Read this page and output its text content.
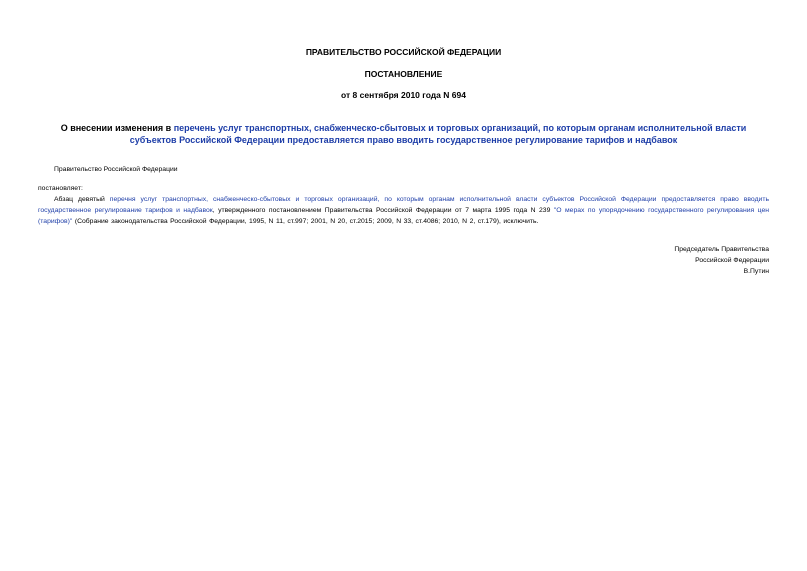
ПРАВИТЕЛЬСТВО РОССИЙСКОЙ ФЕДЕРАЦИИ
ПОСТАНОВЛЕНИЕ
от 8 сентября 2010 года N 694
О внесении изменения в перечень услуг транспортных, снабженческо-сбытовых и торговых организаций, по которым органам исполнительной власти субъектов Российской Федерации предоставляется право вводить государственное регулирование тарифов и надбавок
Правительство Российской Федерации
постановляет:
Абзац девятый перечня услуг транспортных, снабженческо-сбытовых и торговых организаций, по которым органам исполнительной власти субъектов Российской Федерации предоставляется право вводить государственное регулирование тарифов и надбавок, утвержденного постановлением Правительства Российской Федерации от 7 марта 1995 года N 239 "О мерах по упорядочению государственного регулирования цен (тарифов)" (Собрание законодательства Российской Федерации, 1995, N 11, ст.997; 2001, N 20, ст.2015; 2009, N 33, ст.4086; 2010, N 2, ст.179), исключить.
Председатель Правительства
Российской Федерации
В.Путин
